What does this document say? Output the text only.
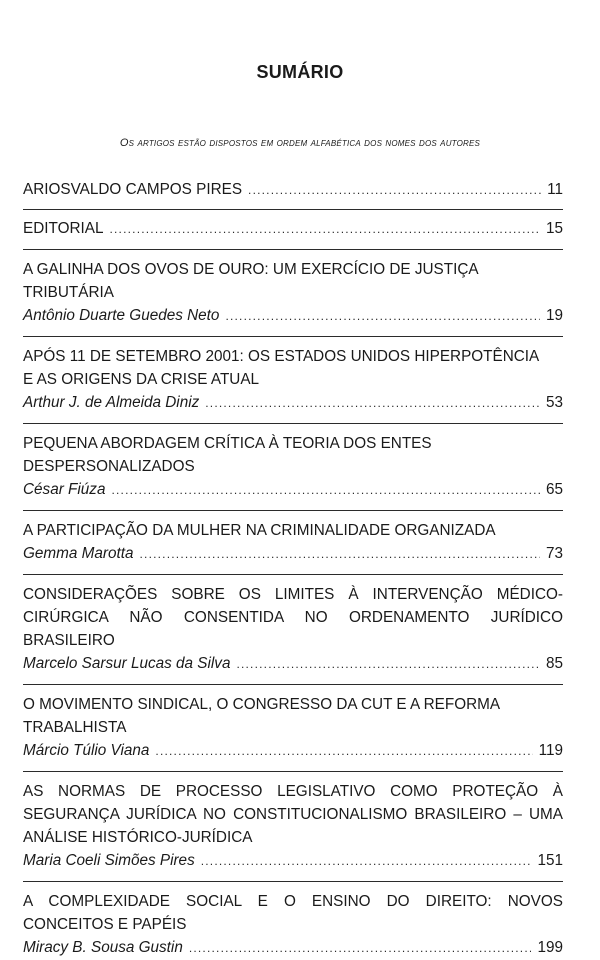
SUMÁRIO
Os artigos estão dispostos em ordem alfabética dos nomes dos autores
ARIOSVALDO CAMPOS PIRES .....	11
EDITORIAL .....	15
A GALINHA DOS OVOS DE OURO: UM EXERCÍCIO DE JUSTIÇA
TRIBUTÁRIA
Antônio Duarte Guedes Neto .....	19
APÓS 11 DE SETEMBRO 2001: OS ESTADOS UNIDOS HIPERPOTÊNCIA
E AS ORIGENS DA CRISE ATUAL
Arthur J. de Almeida Diniz .....	53
PEQUENA ABORDAGEM CRÍTICA À TEORIA DOS ENTES
DESPERSONALIZADOS
César Fiúza .....	65
A PARTICIPAÇÃO DA MULHER NA CRIMINALIDADE ORGANIZADA
Gemma Marotta .....	73
CONSIDERAÇÕES SOBRE OS LIMITES À INTERVENÇÃO MÉDICO-
CIRÚRGICA NÃO CONSENTIDA NO ORDENAMENTO JURÍDICO
BRASILEIRO
Marcelo Sarsur Lucas da Silva .....	85
O MOVIMENTO SINDICAL, O CONGRESSO DA CUT E A REFORMA
TRABALHISTA
Márcio Túlio Viana .....	119
AS NORMAS DE PROCESSO LEGISLATIVO COMO PROTEÇÃO À
SEGURANÇA JURÍDICA NO CONSTITUCIONALISMO BRASILEIRO – UMA
ANÁLISE HISTÓRICO-JURÍDICA
Maria Coeli Simões Pires .....	151
A COMPLEXIDADE SOCIAL E O ENSINO DO DIREITO: NOVOS
CONCEITOS E PAPÉIS
Miracy B. Sousa Gustin .....	199
